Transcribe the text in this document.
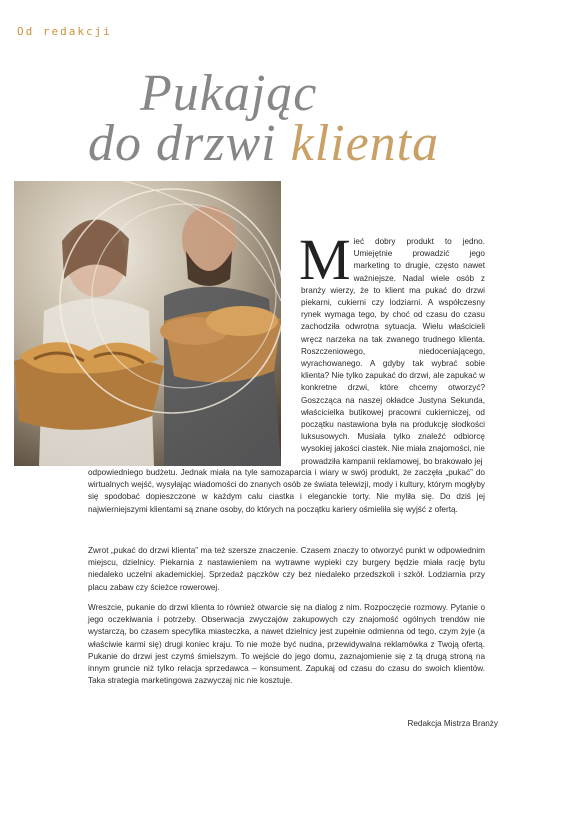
Od redakcji
Pukając
do drzwi klienta
Mieć dobry produkt to jedno. Umiejętnie prowadzić jego marketing to drugie, często nawet ważniejsze. Nadal wiele osób z branży wierzy, że to klient ma pukać do drzwi piekarni, cukierni czy lodziarni. A współczesny rynek wymaga tego, by choć od czasu do czasu zachodziła odwrotna sytuacja. Wielu właścicieli wręcz narzeka na tak zwanego trudnego klienta. Roszczeniowego, niedoceniającego, wyrachowanego. A gdyby tak wybrać sobie klienta? Nie tylko zapukać do drzwi, ale zapukać w konkretne drzwi, które chcemy otworzyć? Goszcząca na naszej okładce Justyna Sekunda, właścicielka butikowej pracowni cukierniczej, od początku nastawiona była na produkcję słodkości luksusowych. Musiała tylko znaleźć odbiorcę wysokiej jakości ciastek. Nie miała znajomości, nie prowadziła kampanii reklamowej, bo brakowało jej
odpowiedniego budżetu. Jednak miała na tyle samozaparcia i wiary w swój produkt, że zaczęła „pukać” do wirtualnych wejść, wysyłając wiadomości do znanych osób ze świata telewizji, mody i kultury, którym mogłyby się spodobać dopieszczone w każdym calu ciastka i eleganckie torty. Nie myliła się. Do dziś jej najwierniejszymi klientami są znane osoby, do których na początku kariery ośmieliła się wyjść z ofertą.
Zwrot „pukać do drzwi klienta” ma też szersze znaczenie. Czasem znaczy to otworzyć punkt w odpowiednim miejscu, dzielnicy. Piekarnia z nastawieniem na wytrawne wypieki czy burgery będzie miała rację bytu niedaleko uczelni akademickiej. Sprzedaż pączków czy bez niedaleko przedszkoli i szkół. Lodziarnia przy placu zabaw czy ścieżce rowerowej.
Wreszcie, pukanie do drzwi klienta to również otwarcie się na dialog z nim. Rozpoczęcie rozmowy. Pytanie o jego oczekiwania i potrzeby. Obserwacja zwyczajów zakupowych czy znajomość ogólnych trendów nie wystarczą, bo czasem specyfika miasteczka, a nawet dzielnicy jest zupełnie odmienna od tego, czym żyje (a właściwie karmi się) drugi koniec kraju. To nie może być nudna, przewidywalna reklamówka z Twoją ofertą. Pukanie do drzwi jest czymś śmielszym. To wejście do jego domu, zaznajomienie się z tą drugą stroną na innym gruncie niż tylko relacja sprzedawca – konsument. Zapukaj od czasu do czasu do swoich klientów. Taka strategia marketingowa zazwyczaj nic nie kosztuje.
Redakcja Mistrza Branży
